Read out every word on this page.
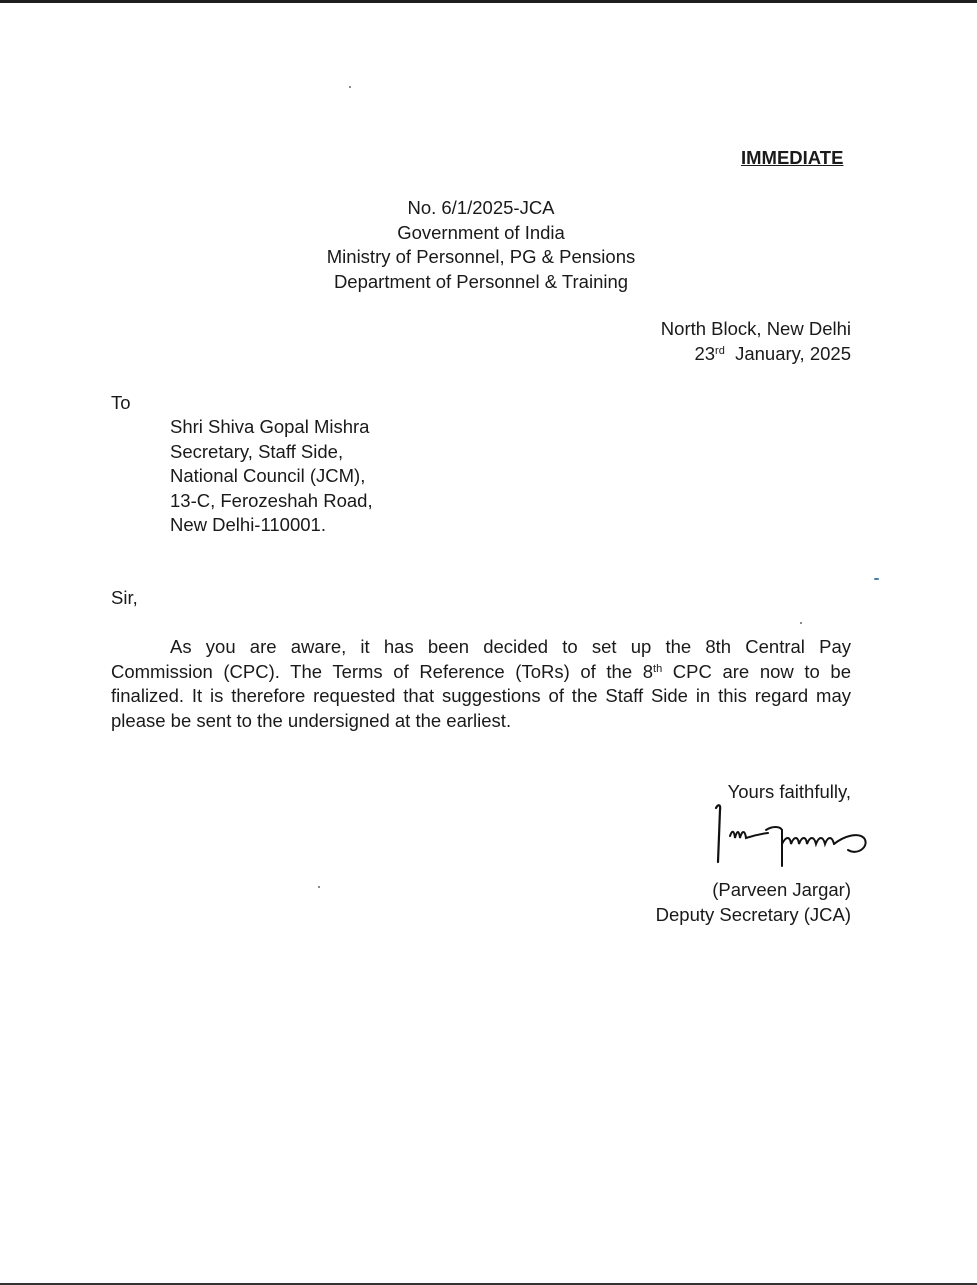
IMMEDIATE
No. 6/1/2025-JCA
Government of India
Ministry of Personnel, PG & Pensions
Department of Personnel & Training
North Block, New Delhi
23rd January, 2025
To
Shri Shiva Gopal Mishra
Secretary, Staff Side,
National Council (JCM),
13-C, Ferozeshah Road,
New Delhi-110001.
Sir,
As you are aware, it has been decided to set up the 8th Central Pay
Commission (CPC). The Terms of Reference (ToRs) of the 8th CPC are now to be
finalized. It is therefore requested that suggestions of the Staff Side in this regard may
please be sent to the undersigned at the earliest.
Yours faithfully,
(Parveen Jargar)
Deputy Secretary (JCA)
